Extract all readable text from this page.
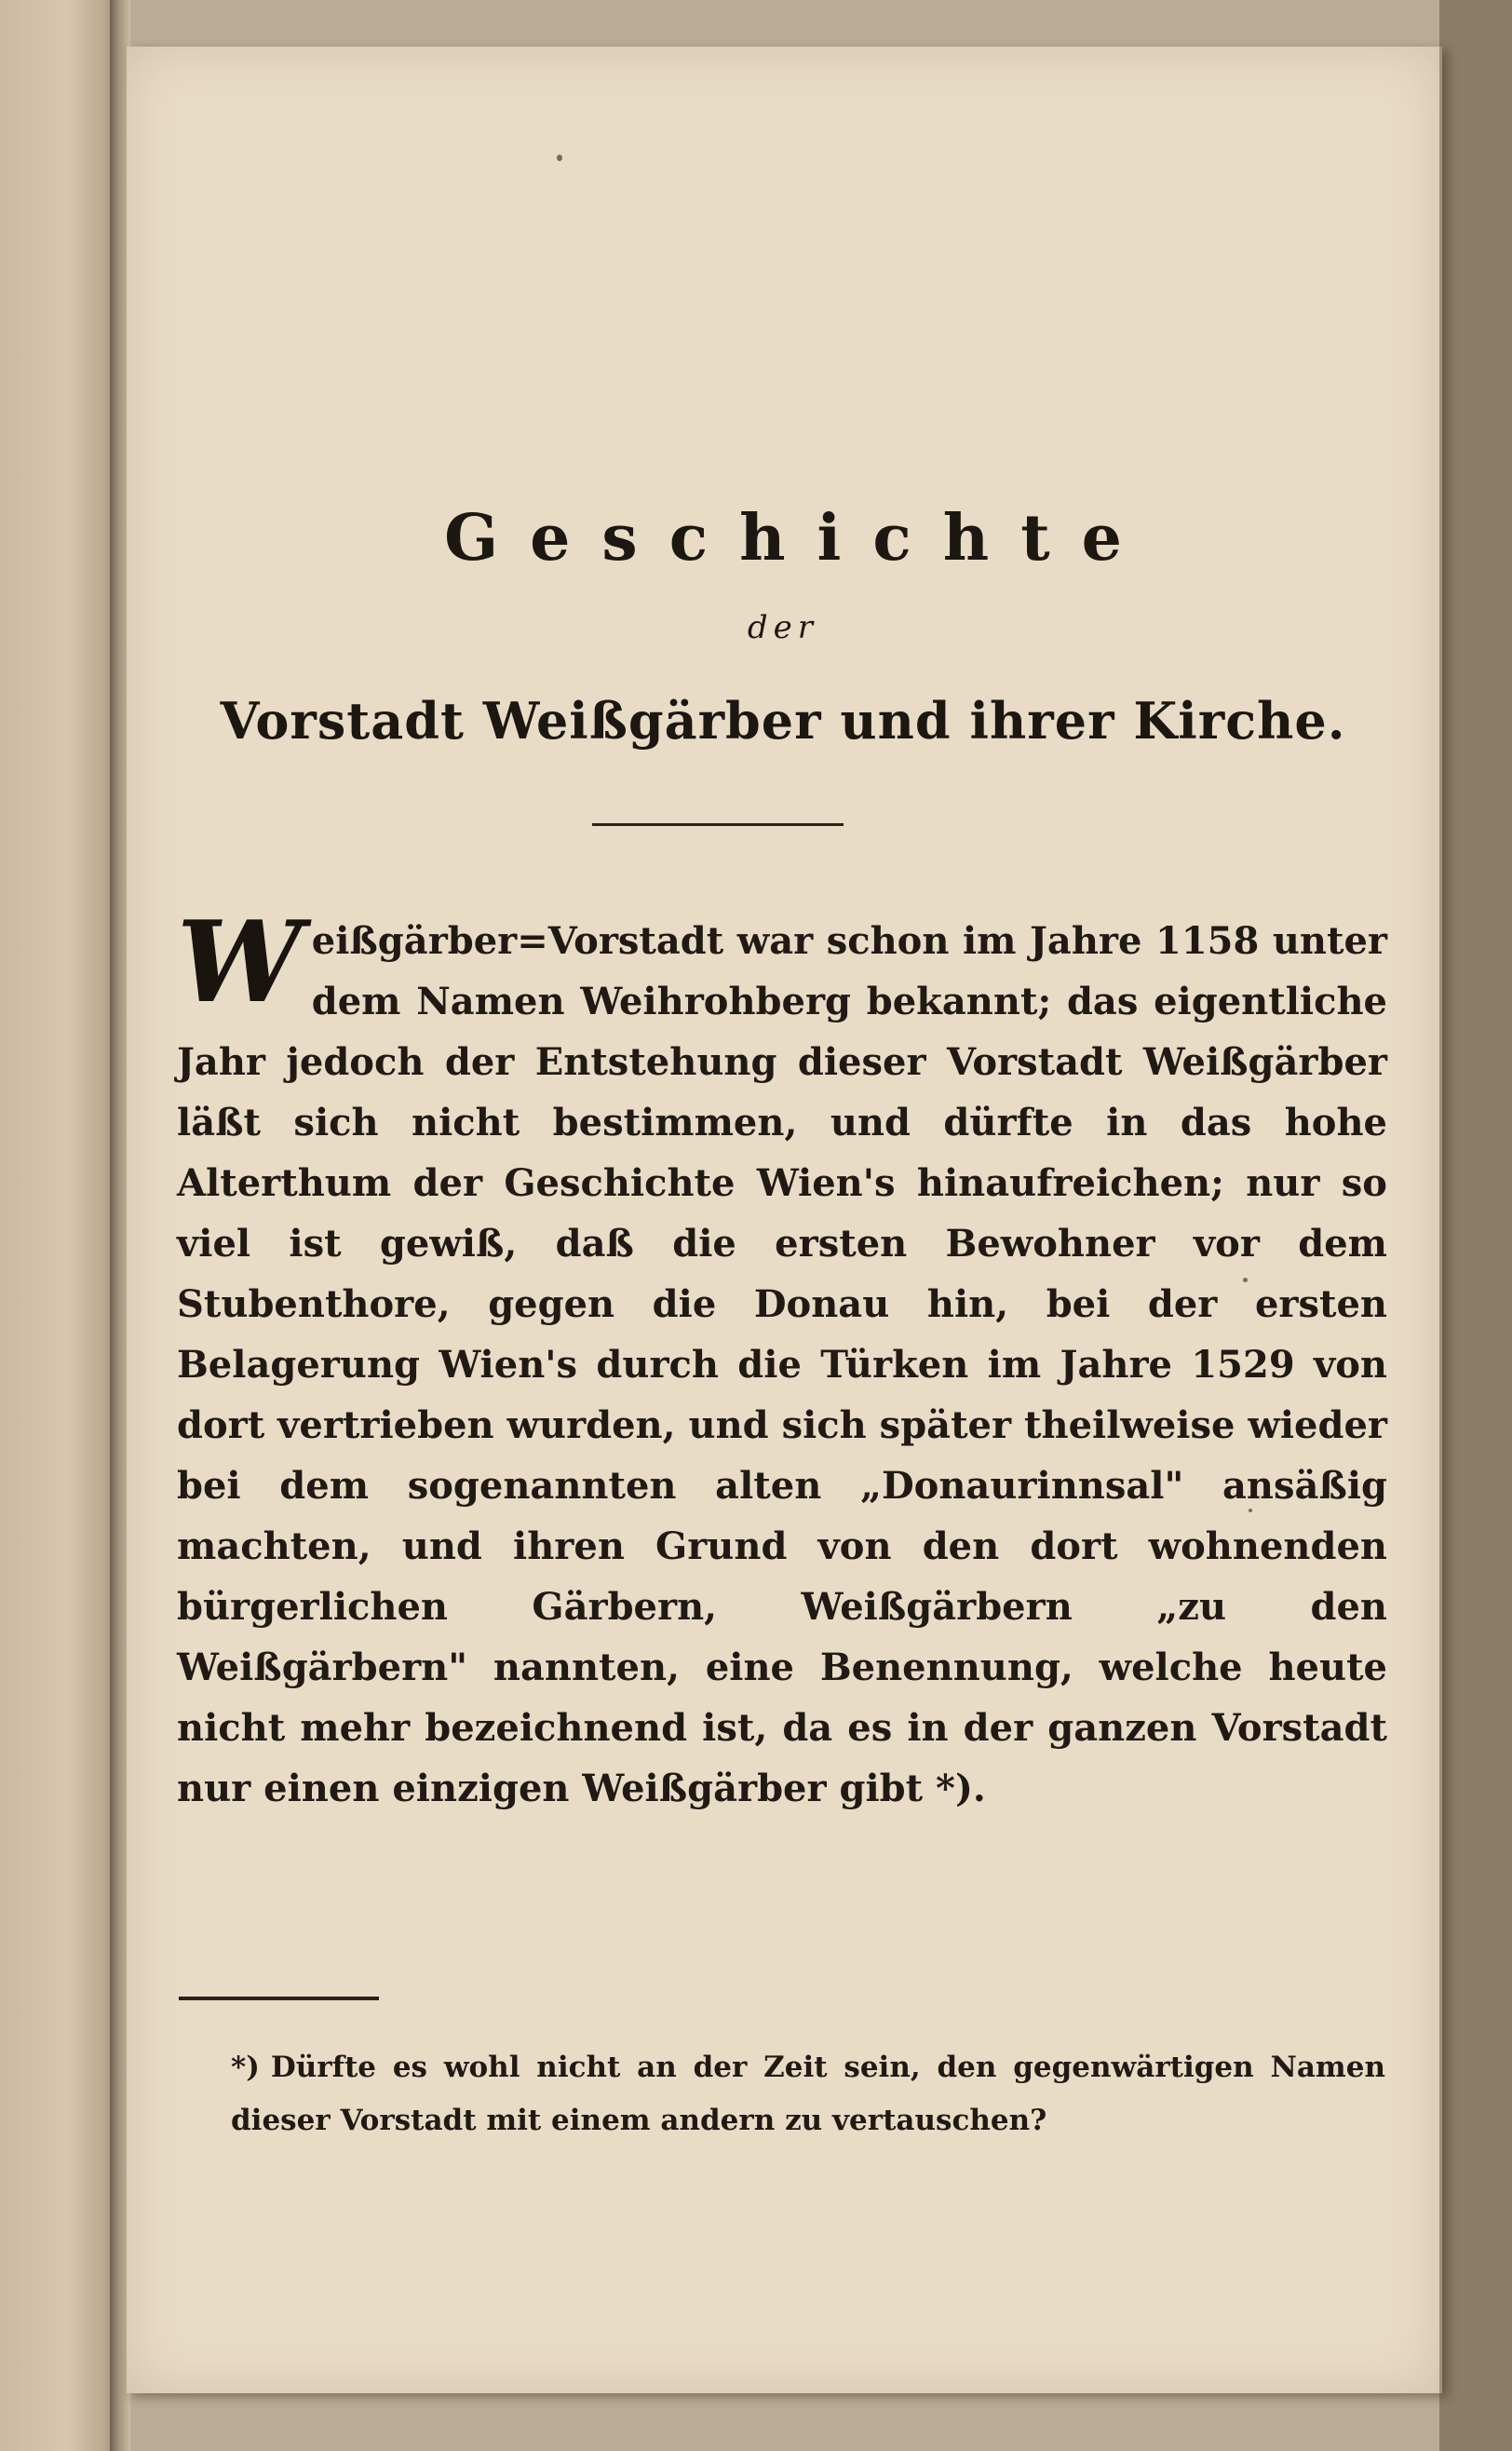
Geschichte
der
Vorstadt Weißgärber und ihrer Kirche.

Weißgärber=Vorstadt war schon im Jahre 1158 unter dem Namen Weihrohberg bekannt; das eigentliche Jahr jedoch der Entstehung dieser Vorstadt Weißgärber läßt sich nicht bestimmen, und dürfte in das hohe Alterthum der Geschichte Wien's hinaufreichen; nur so viel ist gewiß, daß die ersten Bewohner vor dem Stubenthore, gegen die Donau hin, bei der ersten Belagerung Wien's durch die Türken im Jahre 1529 von dort vertrieben wurden, und sich später theilweise wieder bei dem sogenannten alten „Donaurinnsal" ansäßig machten, und ihren Grund von den dort wohnenden bürgerlichen Gärbern, Weißgärbern „zu den Weißgärbern" nannten, eine Benennung, welche heute nicht mehr bezeichnend ist, da es in der ganzen Vorstadt nur einen einzigen Weißgärber gibt *).

*) Dürfte es wohl nicht an der Zeit sein, den gegenwärtigen Namen dieser Vorstadt mit einem andern zu vertauschen?
